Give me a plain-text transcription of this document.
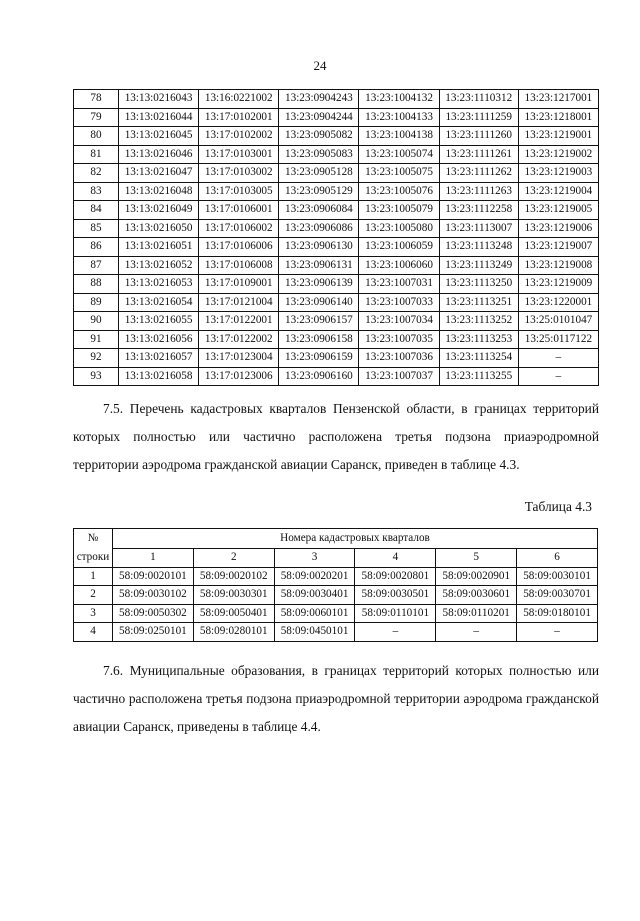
24
78	13:13:0216043	13:16:0221002	13:23:0904243	13:23:1004132	13:23:1110312	13:23:1217001
79	13:13:0216044	13:17:0102001	13:23:0904244	13:23:1004133	13:23:1111259	13:23:1218001
80	13:13:0216045	13:17:0102002	13:23:0905082	13:23:1004138	13:23:1111260	13:23:1219001
81	13:13:0216046	13:17:0103001	13:23:0905083	13:23:1005074	13:23:1111261	13:23:1219002
82	13:13:0216047	13:17:0103002	13:23:0905128	13:23:1005075	13:23:1111262	13:23:1219003
83	13:13:0216048	13:17:0103005	13:23:0905129	13:23:1005076	13:23:1111263	13:23:1219004
84	13:13:0216049	13:17:0106001	13:23:0906084	13:23:1005079	13:23:1112258	13:23:1219005
85	13:13:0216050	13:17:0106002	13:23:0906086	13:23:1005080	13:23:1113007	13:23:1219006
86	13:13:0216051	13:17:0106006	13:23:0906130	13:23:1006059	13:23:1113248	13:23:1219007
87	13:13:0216052	13:17:0106008	13:23:0906131	13:23:1006060	13:23:1113249	13:23:1219008
88	13:13:0216053	13:17:0109001	13:23:0906139	13:23:1007031	13:23:1113250	13:23:1219009
89	13:13:0216054	13:17:0121004	13:23:0906140	13:23:1007033	13:23:1113251	13:23:1220001
90	13:13:0216055	13:17:0122001	13:23:0906157	13:23:1007034	13:23:1113252	13:25:0101047
91	13:13:0216056	13:17:0122002	13:23:0906158	13:23:1007035	13:23:1113253	13:25:0117122
92	13:13:0216057	13:17:0123004	13:23:0906159	13:23:1007036	13:23:1113254	–
93	13:13:0216058	13:17:0123006	13:23:0906160	13:23:1007037	13:23:1113255	–
7.5. Перечень кадастровых кварталов Пензенской области, в границах территорий которых полностью или частично расположена третья подзона приаэродромной территории аэродрома гражданской авиации Саранск, приведен в таблице 4.3.
Таблица 4.3
№	Номера кадастровых кварталов					
строки	1	2	3	4	5	6
1	58:09:0020101	58:09:0020102	58:09:0020201	58:09:0020801	58:09:0020901	58:09:0030101
2	58:09:0030102	58:09:0030301	58:09:0030401	58:09:0030501	58:09:0030601	58:09:0030701
3	58:09:0050302	58:09:0050401	58:09:0060101	58:09:0110101	58:09:0110201	58:09:0180101
4	58:09:0250101	58:09:0280101	58:09:0450101	–	–	–
7.6. Муниципальные образования, в границах территорий которых полностью или частично расположена третья подзона приаэродромной территории аэродрома гражданской авиации Саранск, приведены в таблице 4.4.
